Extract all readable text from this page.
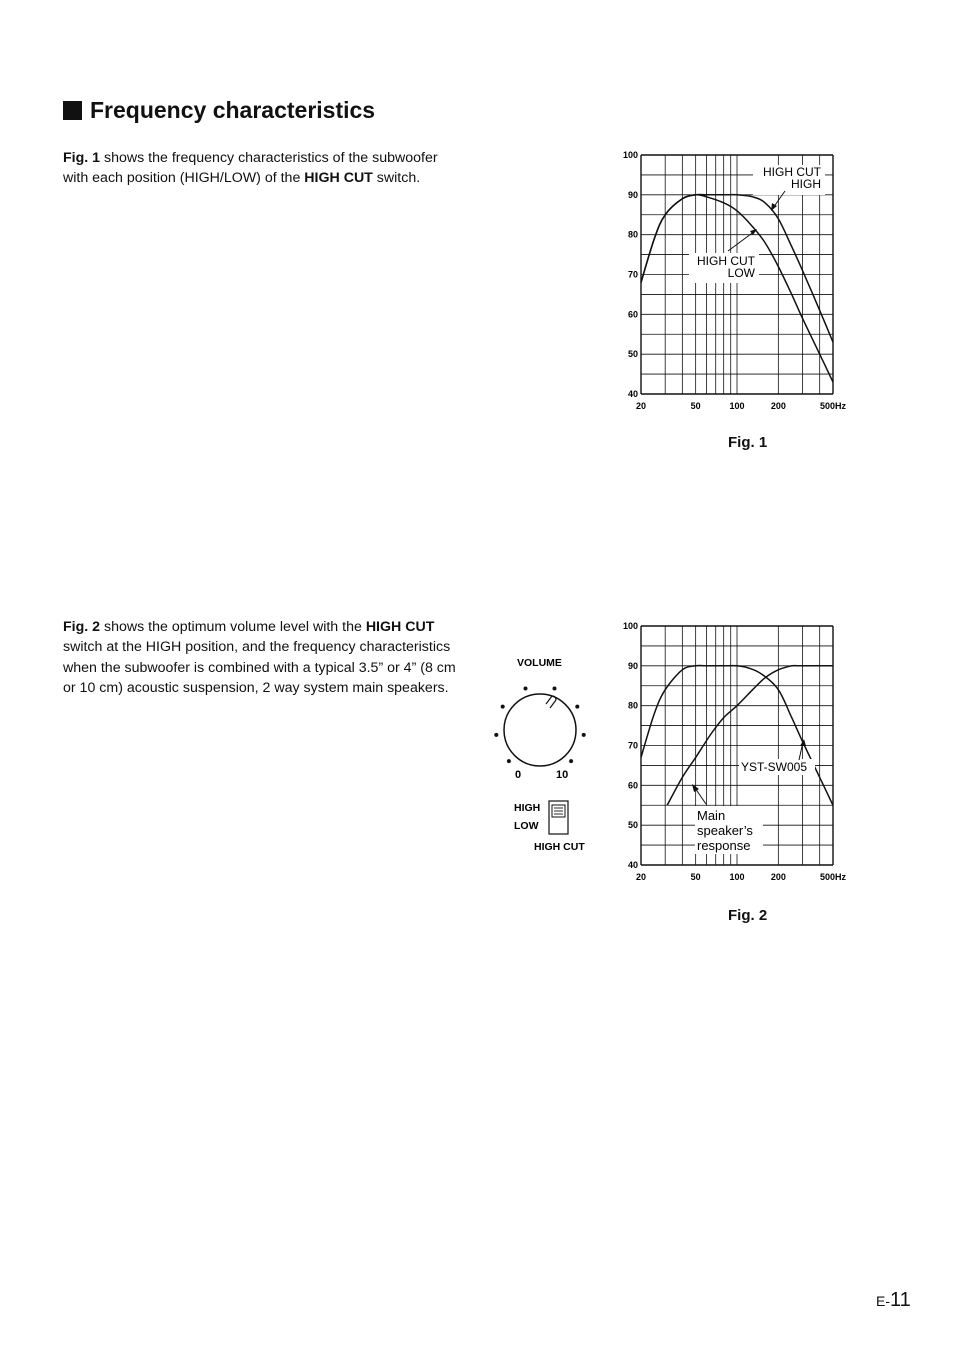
Frequency characteristics
Fig. 1 shows the frequency characteristics of the subwoofer with each position (HIGH/LOW) of the HIGH CUT switch.
Fig. 2 shows the optimum volume level with the HIGH CUT switch at the HIGH position, and the frequency characteristics when the subwoofer is combined with a typical 3.5” or 4” (8 cm or 10 cm) acoustic suspension, 2 way system main speakers.
100
90
80
70
60
50
40
20	50	100	200	500Hz
HIGH CUT
HIGH
HIGH CUT
LOW
Fig. 1
100
90
80
70
60
50
40
20	50	100	200	500Hz
YST-SW005
Main
speaker’s
response
Fig. 2
VOLUME
0	10
HIGH
LOW
HIGH CUT
E-11
